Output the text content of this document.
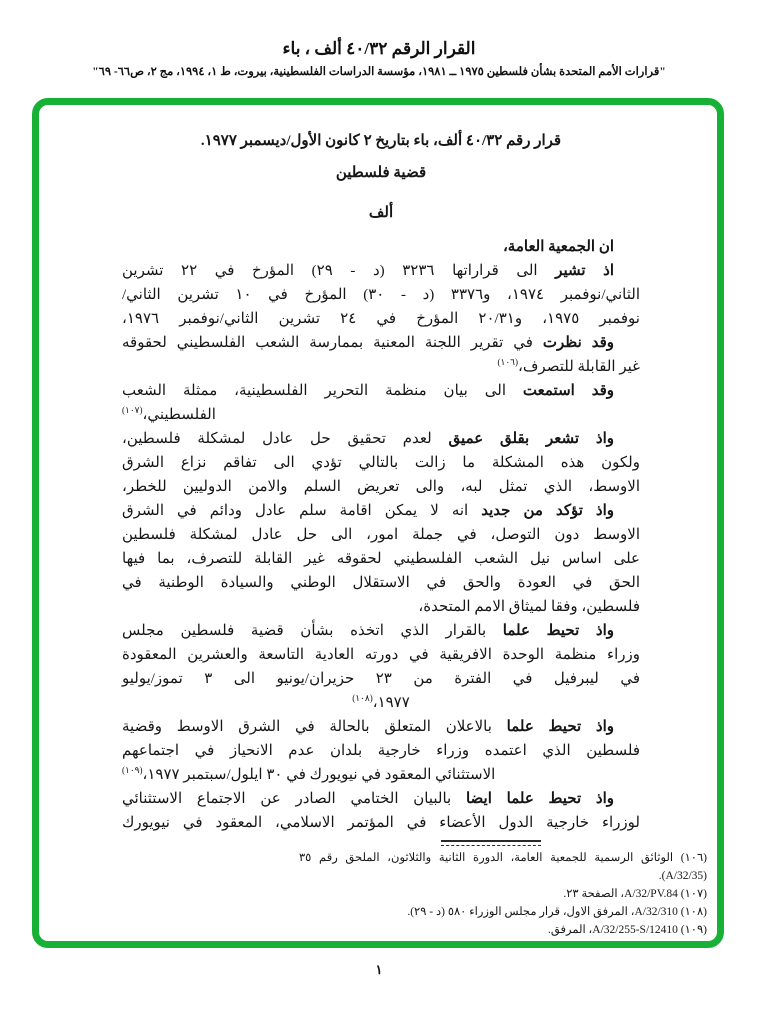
القرار الرقم ٤٠/٣٢ ألف ، باء
"قرارات الأمم المتحدة بشأن فلسطين ١٩٧٥ ــ ١٩٨١، مؤسسة الدراسات الفلسطينية، بيروت، ط ١، ١٩٩٤، مج ٢، ص٦٦- ٦٩"
قرار رقم ٤٠/٣٢ ألف، باء بتاريخ ٢ كانون الأول/ديسمبر ١٩٧٧.
قضية فلسطين
ألف
ان الجمعية العامة،
اذ تشير الى قراراتها ٣٢٣٦ (د - ٢٩) المؤرخ في ٢٢ تشرين
الثاني/نوفمبر ١٩٧٤، و٣٣٧٦ (د - ٣٠) المؤرخ في ١٠ تشرين الثاني/
نوفمبر ١٩٧٥، و٢٠/٣١ المؤرخ في ٢٤ تشرين الثاني/نوفمبر ١٩٧٦،
وقد نظرت في تقرير اللجنة المعنية بممارسة الشعب الفلسطيني لحقوقه
غير القابلة للتصرف،$^{(١٠٦)}$
وقد استمعت الى بيان منظمة التحرير الفلسطينية، ممثلة الشعب
الفلسطيني،$^{(١٠٧)}$
واذ تشعر بقلق عميق لعدم تحقيق حل عادل لمشكلة فلسطين،
ولكون هذه المشكلة ما زالت بالتالي تؤدي الى تفاقم نزاع الشرق
الاوسط، الذي تمثل لبه، والى تعريض السلم والامن الدوليين للخطر،
واذ تؤكد من جديد انه لا يمكن اقامة سلم عادل ودائم في الشرق
الاوسط دون التوصل، في جملة امور، الى حل عادل لمشكلة فلسطين
على اساس نيل الشعب الفلسطيني لحقوقه غير القابلة للتصرف، بما فيها
الحق في العودة والحق في الاستقلال الوطني والسيادة الوطنية في
فلسطين، وفقا لميثاق الامم المتحدة،
واذ تحيط علما بالقرار الذي اتخذه بشأن قضية فلسطين مجلس
وزراء منظمة الوحدة الافريقية في دورته العادية التاسعة والعشرين المعقودة
في ليبرفيل في الفترة من ٢٣ حزيران/يونيو الى ٣ تموز/يوليو
١٩٧٧،$^{(١٠٨)}$
واذ تحيط علما بالاعلان المتعلق بالحالة في الشرق الاوسط وقضية
فلسطين الذي اعتمده وزراء خارجية بلدان عدم الانحياز في اجتماعهم
الاستثنائي المعقود في نيويورك في ٣٠ ايلول/سبتمبر ١٩٧٧،$^{(١٠٩)}$
واذ تحيط علما ايضا بالبيان الختامي الصادر عن الاجتماع الاستثنائي
لوزراء خارجية الدول الأعضاء في المؤتمر الاسلامي، المعقود في نيويورك
(١٠٦) الوثائق الرسمية للجمعية العامة، الدورة الثانية والثلاثون، الملحق رقم ٣٥
(‎A/32/35‎).
(١٠٧) ‎A/32/PV.84‎، الصفحة ٢٣.
(١٠٨) ‎A/32/310‎، المرفق الاول، قرار مجلس الوزراء ٥٨٠ (د - ٢٩).
(١٠٩) ‎A/32/255-S/12410‎، المرفق.
١
